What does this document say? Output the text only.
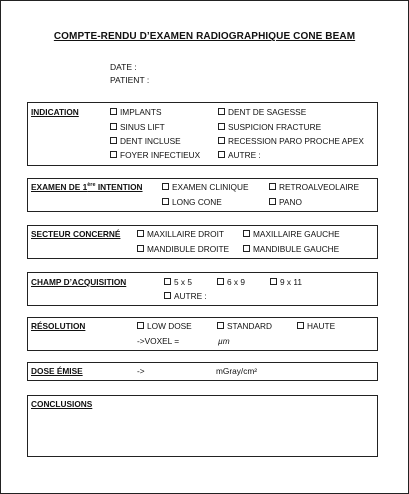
COMPTE-RENDU D’EXAMEN RADIOGRAPHIQUE CONE BEAM
DATE :
PATIENT :
INDICATION	IMPLANTS	DENT DE SAGESSE
SINUS LIFT	SUSPICION FRACTURE
DENT INCLUSE	RECESSION PARO PROCHE APEX
FOYER INFECTIEUX	AUTRE :
EXAMEN DE 1ère INTENTION	EXAMEN CLINIQUE	RETROALVEOLAIRE
LONG CONE	PANO
SECTEUR CONCERNÉ	MAXILLAIRE DROIT	MAXILLAIRE GAUCHE
MANDIBULE DROITE	MANDIBULE GAUCHE
CHAMP D’ACQUISITION	5 x 5	6 x 9	9 x 11
AUTRE :
RÉSOLUTION	LOW DOSE	STANDARD	HAUTE
->VOXEL =	µm
DOSE ÉMISE	->	mGray/cm²
CONCLUSIONS
